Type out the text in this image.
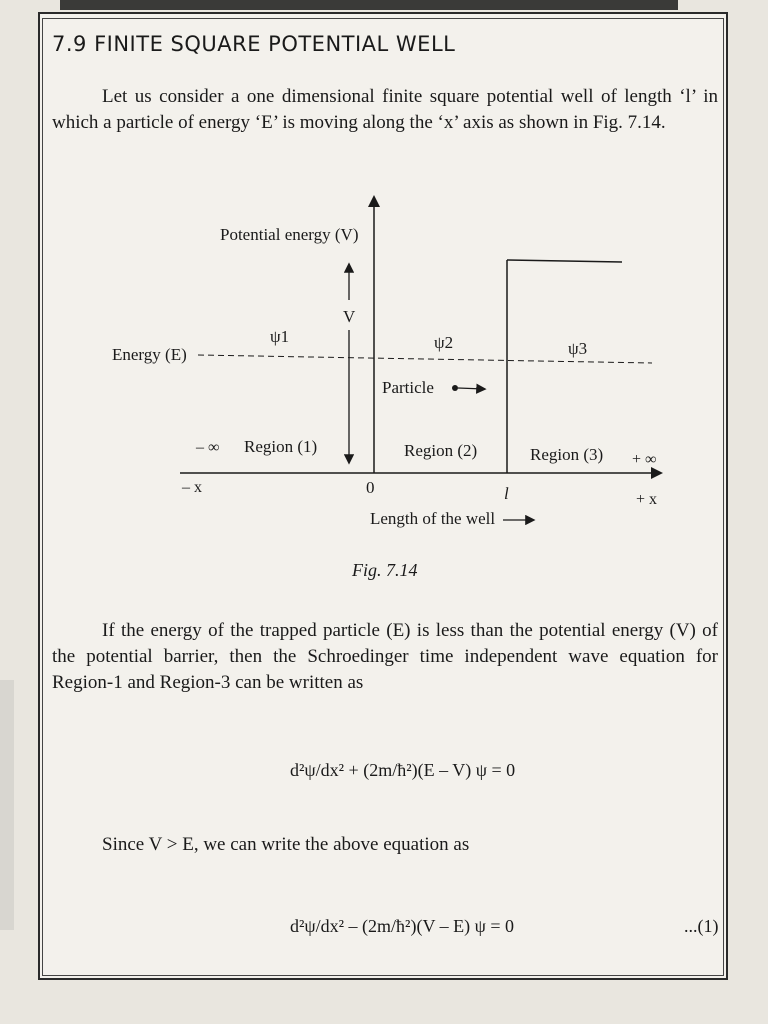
7.9 FINITE SQUARE POTENTIAL WELL

Let us consider a one dimensional finite square potential well of length ‘l’ in which a particle of energy ‘E’ is moving along the ‘x’ axis as shown in Fig. 7.14.

Potential energy (V)
V
Energy (E)
ψ1	ψ2	ψ3
Particle
– ∞ Region (1)	Region (2)	Region (3) + ∞
– x	0	l	+ x
Length of the well
Fig. 7.14

If the energy of the trapped particle (E) is less than the potential energy (V) of the potential barrier, then the Schroedinger time independent wave equation for Region-1 and Region-3 can be written as

d²ψ/dx² + (2m/ħ²)(E – V) ψ = 0

Since V > E, we can write the above equation as

d²ψ/dx² – (2m/ħ²)(V – E) ψ = 0	...(1)
